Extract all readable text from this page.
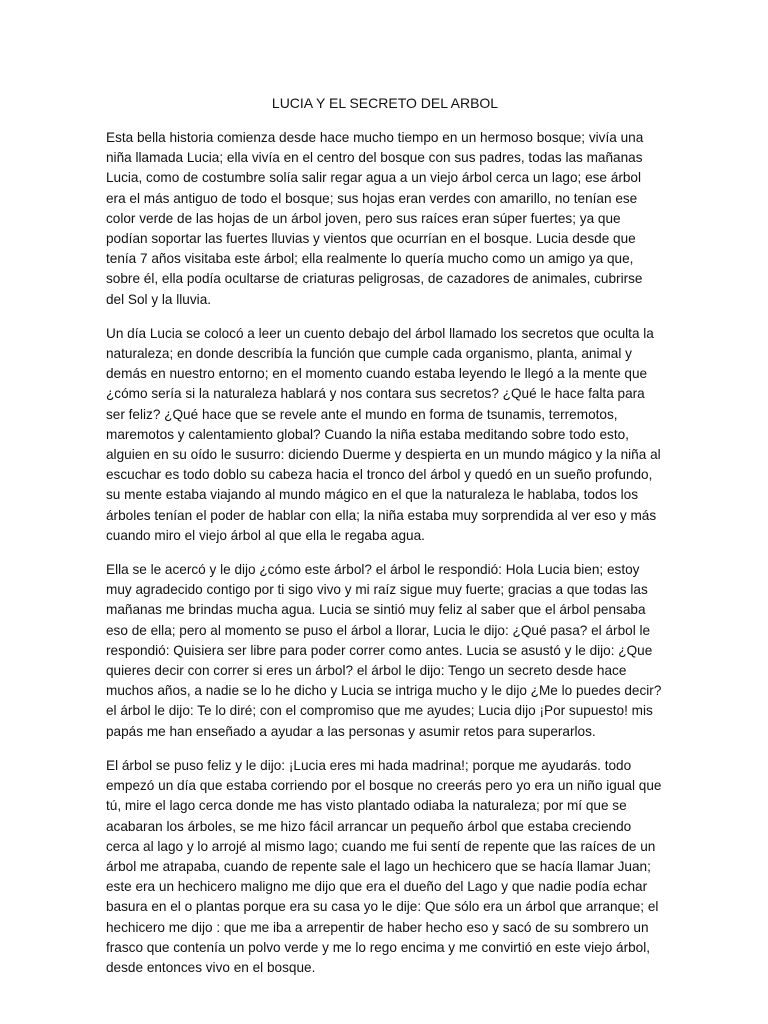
LUCIA Y EL SECRETO DEL ARBOL

Esta bella historia comienza desde hace mucho tiempo en un hermoso bosque; vivía una niña llamada Lucia; ella vivía en el centro del bosque con sus padres, todas las mañanas Lucia, como de costumbre solía salir regar agua a un viejo árbol cerca un lago; ese árbol era el más antiguo de todo el bosque; sus hojas eran verdes con amarillo, no tenían ese color verde de las hojas de un árbol joven, pero sus raíces eran súper fuertes; ya que podían soportar las fuertes lluvias y vientos que ocurrían en el bosque. Lucia desde que tenía 7 años visitaba este árbol; ella realmente lo quería mucho como un amigo ya que, sobre él, ella podía ocultarse de criaturas peligrosas, de cazadores de animales, cubrirse del Sol y la lluvia.

Un día Lucia se colocó a leer un cuento debajo del árbol llamado los secretos que oculta la naturaleza; en donde describía la función que cumple cada organismo, planta, animal y demás en nuestro entorno; en el momento cuando estaba leyendo le llegó a la mente que ¿cómo sería si la naturaleza hablará y nos contara sus secretos? ¿Qué le hace falta para ser feliz? ¿Qué hace que se revele ante el mundo en forma de tsunamis, terremotos, maremotos y calentamiento global? Cuando la niña estaba meditando sobre todo esto, alguien en su oído le susurro: diciendo Duerme y despierta en un mundo mágico y la niña al escuchar es todo doblo su cabeza hacia el tronco del árbol y quedó en un sueño profundo, su mente estaba viajando al mundo mágico en el que la naturaleza le hablaba, todos los árboles tenían el poder de hablar con ella; la niña estaba muy sorprendida al ver eso y más cuando miro el viejo árbol al que ella le regaba agua.

Ella se le acercó y le dijo ¿cómo este árbol? el árbol le respondió: Hola Lucia bien; estoy muy agradecido contigo por ti sigo vivo y mi raíz sigue muy fuerte; gracias a que todas las mañanas me brindas mucha agua. Lucia se sintió muy feliz al saber que el árbol pensaba eso de ella; pero al momento se puso el árbol a llorar, Lucia le dijo: ¿Qué pasa? el árbol le respondió: Quisiera ser libre para poder correr como antes. Lucia se asustó y le dijo: ¿Que quieres decir con correr si eres un árbol? el árbol le dijo: Tengo un secreto desde hace muchos años, a nadie se lo he dicho y Lucia se intriga mucho y le dijo ¿Me lo puedes decir? el árbol le dijo: Te lo diré; con el compromiso que me ayudes; Lucia dijo ¡Por supuesto! mis papás me han enseñado a ayudar a las personas y asumir retos para superarlos.

El árbol se puso feliz y le dijo: ¡Lucia eres mi hada madrina!; porque me ayudarás. todo empezó un día que estaba corriendo por el bosque no creerás pero yo era un niño igual que tú, mire el lago cerca donde me has visto plantado odiaba la naturaleza; por mí que se acabaran los árboles, se me hizo fácil arrancar un pequeño árbol que estaba creciendo cerca al lago y lo arrojé al mismo lago; cuando me fui sentí de repente que las raíces de un árbol me atrapaba, cuando de repente sale el lago un hechicero que se hacía llamar Juan; este era un hechicero maligno me dijo que era el dueño del Lago y que nadie podía echar basura en el o plantas porque era su casa yo le dije: Que sólo era un árbol que arranque; el hechicero me dijo : que me iba a arrepentir de haber hecho eso y sacó de su sombrero un frasco que contenía un polvo verde y me lo rego encima y me convirtió en este viejo árbol, desde entonces vivo en el bosque.
